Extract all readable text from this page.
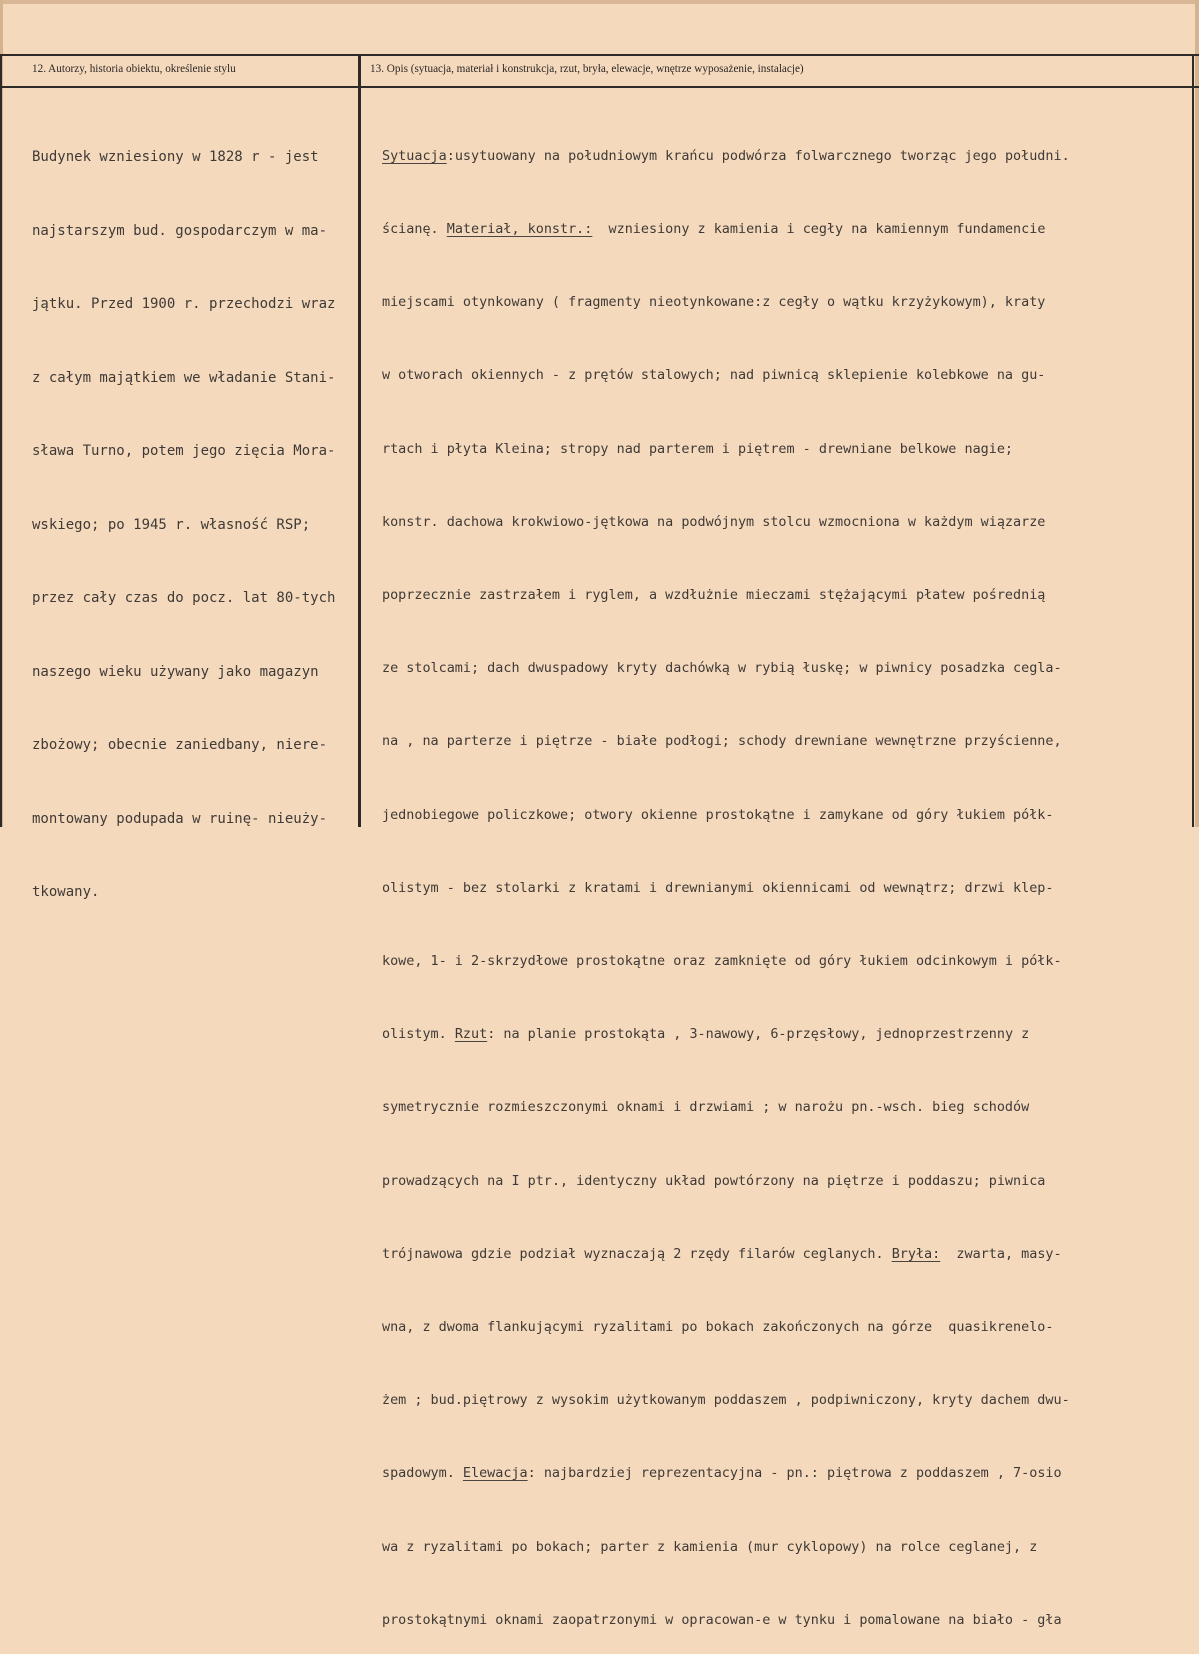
12. Autorzy, historia obiektu, określenie stylu	13. Opis (sytuacja, materiał i konstrukcja, rzut, bryła, elewacje, wnętrze wyposażenie, instalacje)

Budynek wzniesiony w 1828 r - jest

najstarszym bud. gospodarczym w ma-

jątku. Przed 1900 r. przechodzi wraz

z całym majątkiem we władanie Stani-

sława Turno, potem jego zięcia Mora-

wskiego; po 1945 r. własność RSP;

przez cały czas do pocz. lat 80-tych

naszego wieku używany jako magazyn

zbożowy; obecnie zaniedbany, niere-

montowany podupada w ruinę- nieuży-

tkowany.

Sytuacja:usytuowany na południowym krańcu podwórza folwarcznego tworząc jego południ.

ścianę. Materiał, konstr.:  wzniesiony z kamienia i cegły na kamiennym fundamencie

miejscami otynkowany ( fragmenty nieotynkowane:z cegły o wątku krzyżykowym), kraty

w otworach okiennych - z prętów stalowych; nad piwnicą sklepienie kolebkowe na gu-

rtach i płyta Kleina; stropy nad parterem i piętrem - drewniane belkowe nagie;

konstr. dachowa krokwiowo-jętkowa na podwójnym stolcu wzmocniona w każdym wiązarze

poprzecznie zastrzałem i ryglem, a wzdłużnie mieczami stężającymi płatew pośrednią

ze stolcami; dach dwuspadowy kryty dachówką w rybią łuskę; w piwnicy posadzka cegla-

na , na parterze i piętrze - białe podłogi; schody drewniane wewnętrzne przyścienne,

jednobiegowe policzkowe; otwory okienne prostokątne i zamykane od góry łukiem półk-

olistym - bez stolarki z kratami i drewnianymi okiennicami od wewnątrz; drzwi klep-

kowe, 1- i 2-skrzydłowe prostokątne oraz zamknięte od góry łukiem odcinkowym i półk-

olistym. Rzut: na planie prostokąta , 3-nawowy, 6-przęsłowy, jednoprzestrzenny z

symetrycznie rozmieszczonymi oknami i drzwiami ; w narożu pn.-wsch. bieg schodów

prowadzących na I ptr., identyczny układ powtórzony na piętrze i poddaszu; piwnica

trójnawowa gdzie podział wyznaczają 2 rzędy filarów ceglanych. Bryła:  zwarta, masy-

wna, z dwoma flankującymi ryzalitami po bokach zakończonych na górze  quasikrenelo-

żem ; bud.piętrowy z wysokim użytkowanym poddaszem , podpiwniczony, kryty dachem dwu-

spadowym. Elewacja: najbardziej reprezentacyjna - pn.: piętrowa z poddaszem , 7-osio

wa z ryzalitami po bokach; parter z kamienia (mur cyklopowy) na rolce ceglanej, z

prostokątnymi oknami zaopatrzonymi w opracowan-e w tynku i pomalowane na biało - gła
